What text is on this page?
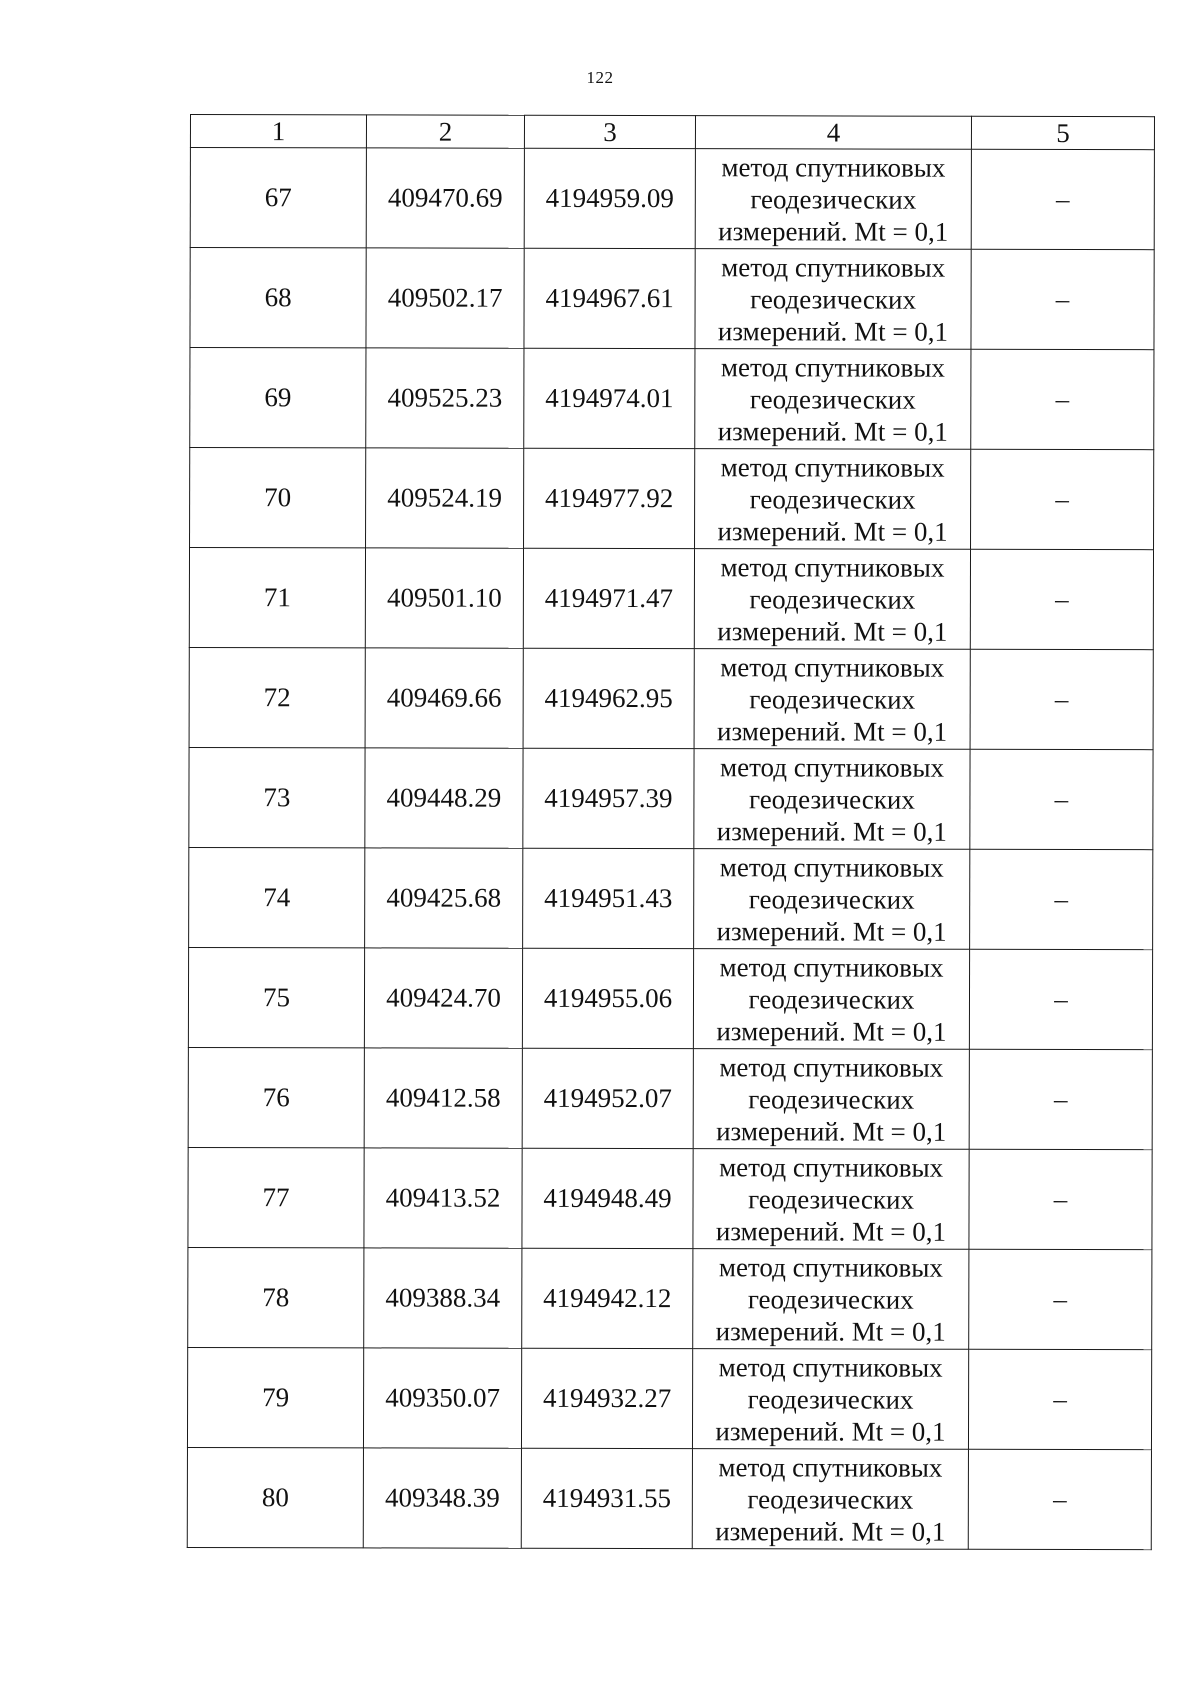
122
1	2	3	4	5
67	409470.69	4194959.09	метод спутниковых
геодезических
измерений. Mt = 0,1	–
68	409502.17	4194967.61	метод спутниковых
геодезических
измерений. Mt = 0,1	–
69	409525.23	4194974.01	метод спутниковых
геодезических
измерений. Mt = 0,1	–
70	409524.19	4194977.92	метод спутниковых
геодезических
измерений. Mt = 0,1	–
71	409501.10	4194971.47	метод спутниковых
геодезических
измерений. Mt = 0,1	–
72	409469.66	4194962.95	метод спутниковых
геодезических
измерений. Mt = 0,1	–
73	409448.29	4194957.39	метод спутниковых
геодезических
измерений. Mt = 0,1	–
74	409425.68	4194951.43	метод спутниковых
геодезических
измерений. Mt = 0,1	–
75	409424.70	4194955.06	метод спутниковых
геодезических
измерений. Mt = 0,1	–
76	409412.58	4194952.07	метод спутниковых
геодезических
измерений. Mt = 0,1	–
77	409413.52	4194948.49	метод спутниковых
геодезических
измерений. Mt = 0,1	–
78	409388.34	4194942.12	метод спутниковых
геодезических
измерений. Mt = 0,1	–
79	409350.07	4194932.27	метод спутниковых
геодезических
измерений. Mt = 0,1	–
80	409348.39	4194931.55	метод спутниковых
геодезических
измерений. Mt = 0,1	–
